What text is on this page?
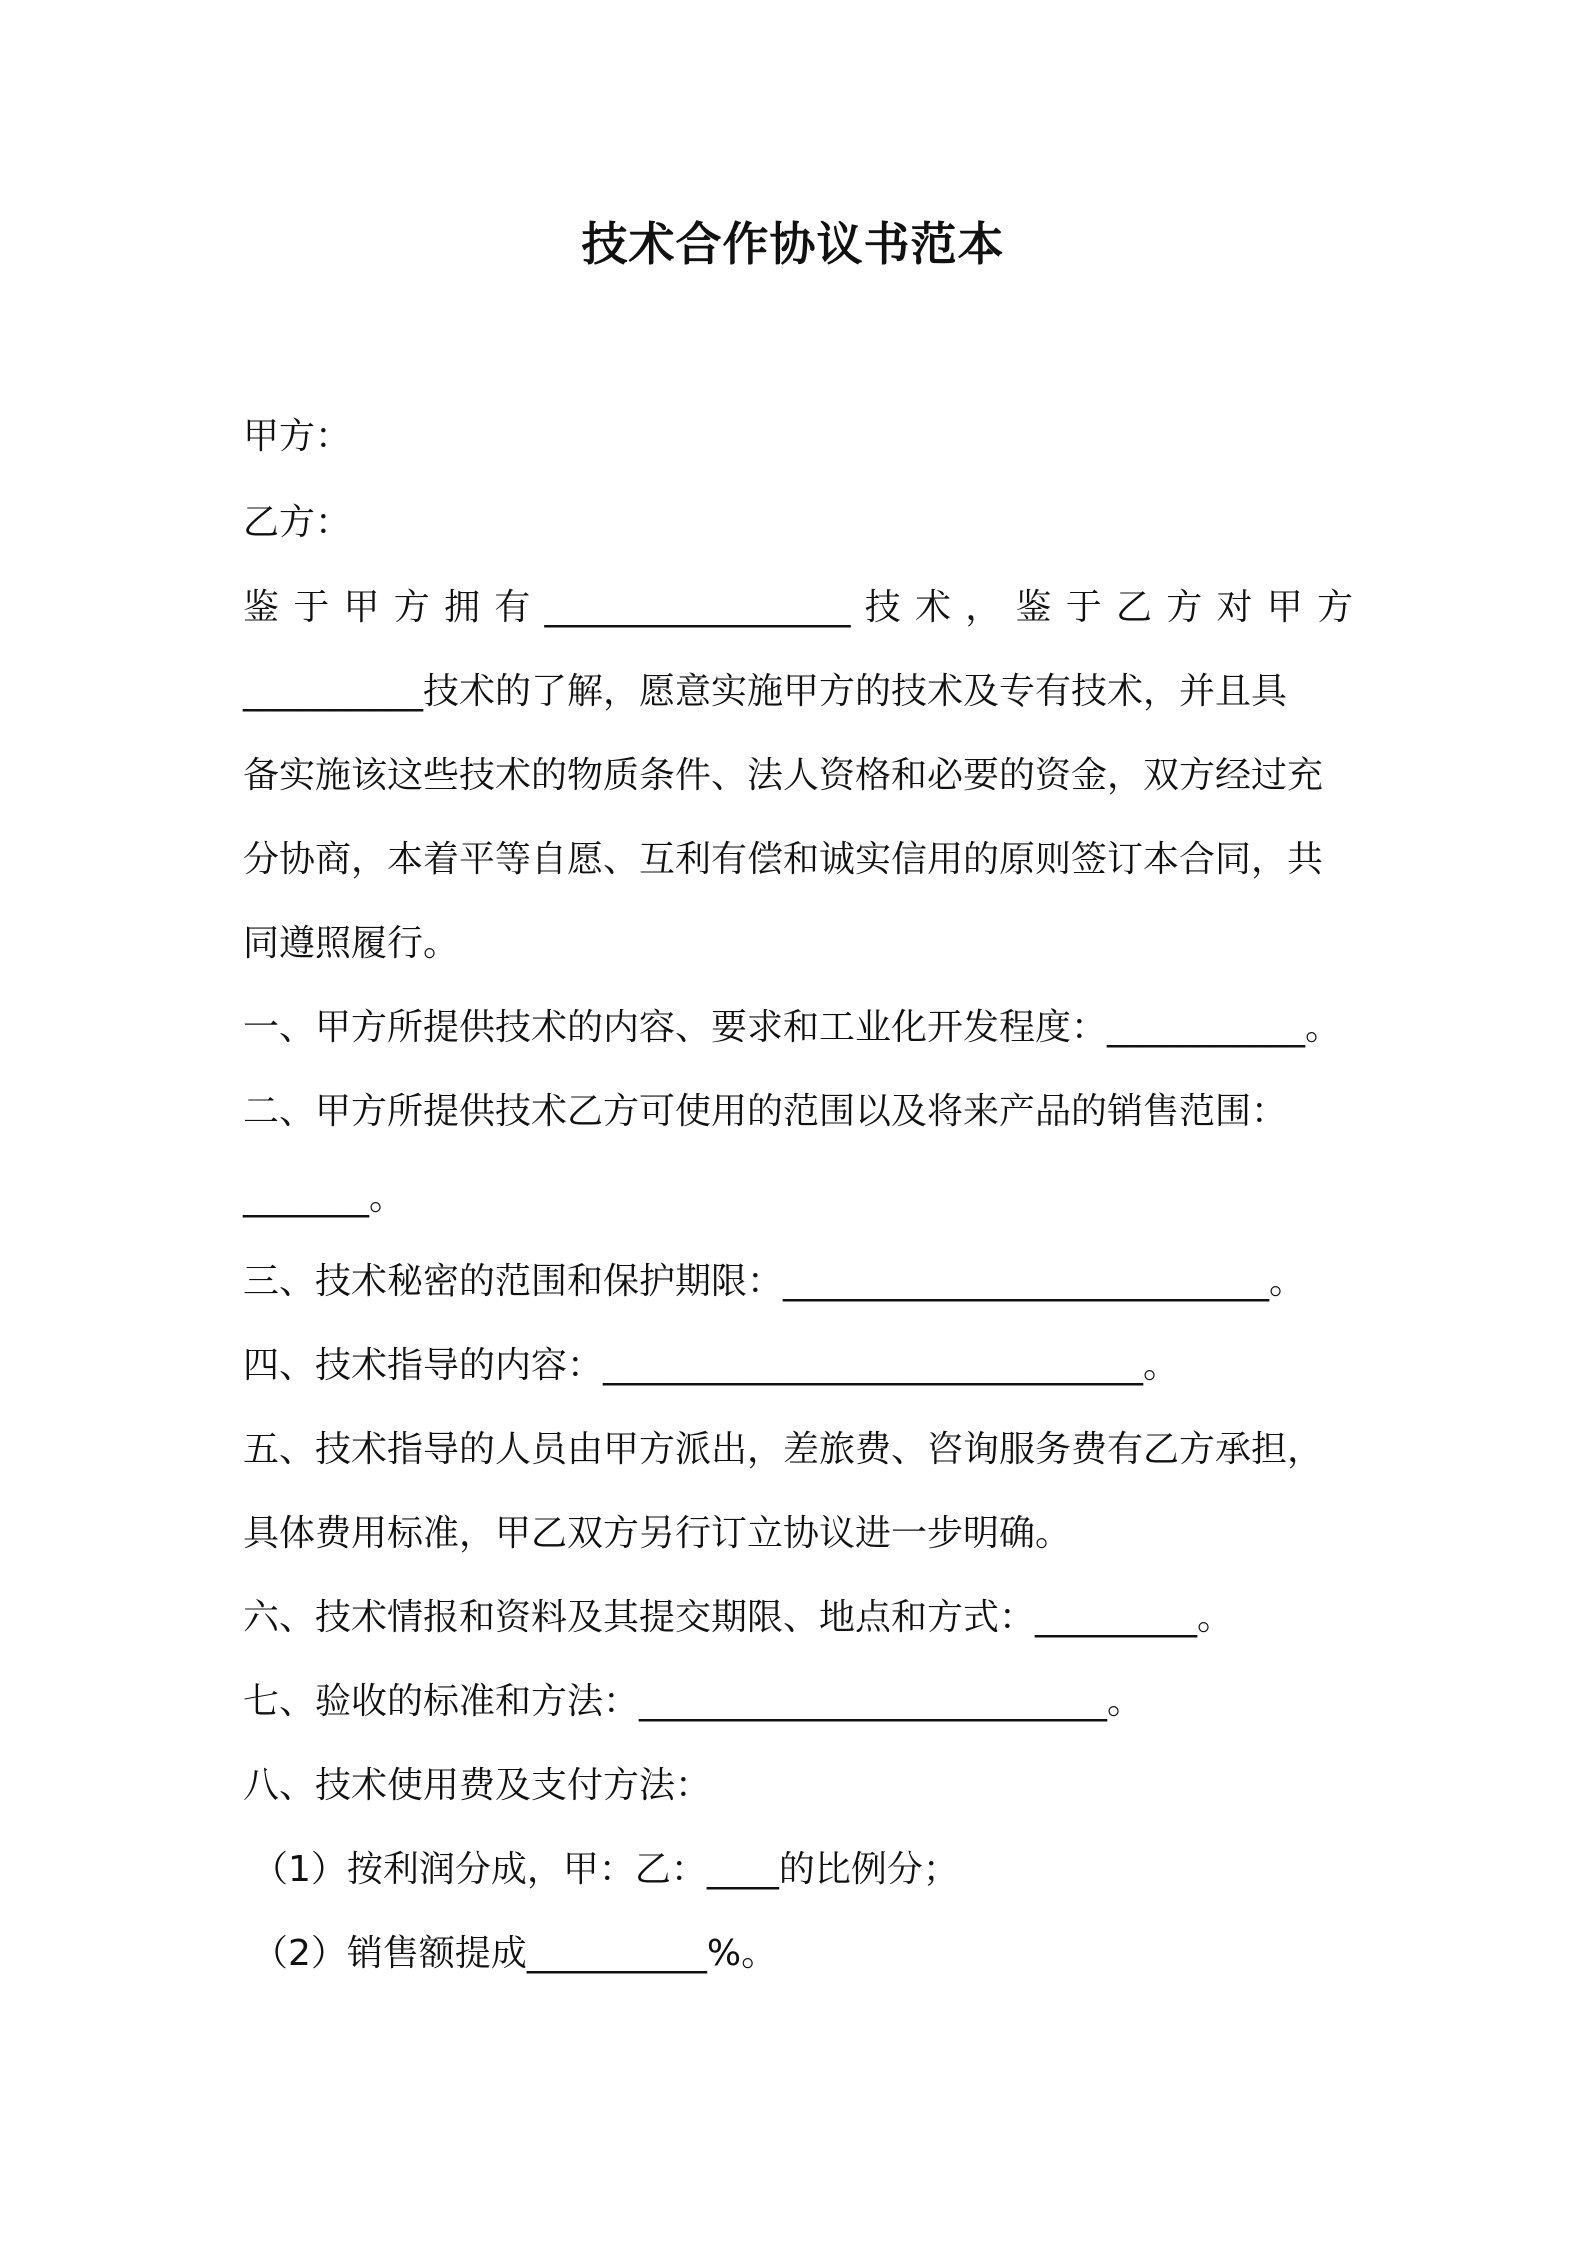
技术合作协议书范本
甲方：
乙方：
鉴 于 甲 方 拥 有 _________________ 技 术 ， 鉴 于 乙 方 对 甲 方
__________技术的了解，愿意实施甲方的技术及专有技术，并且具
备实施该这些技术的物质条件、法人资格和必要的资金，双方经过充
分协商，本着平等自愿、互利有偿和诚实信用的原则签订本合同，共
同遵照履行。
一、甲方所提供技术的内容、要求和工业化开发程度：___________。
二、甲方所提供技术乙方可使用的范围以及将来产品的销售范围：
_______。
三、技术秘密的范围和保护期限：___________________________。
四、技术指导的内容：______________________________。
五、技术指导的人员由甲方派出，差旅费、咨询服务费有乙方承担，
具体费用标准，甲乙双方另行订立协议进一步明确。
六、技术情报和资料及其提交期限、地点和方式：_________。
七、验收的标准和方法：__________________________。
八、技术使用费及支付方法：
（1）按利润分成，甲：乙：____的比例分；
（2）销售额提成__________%。
